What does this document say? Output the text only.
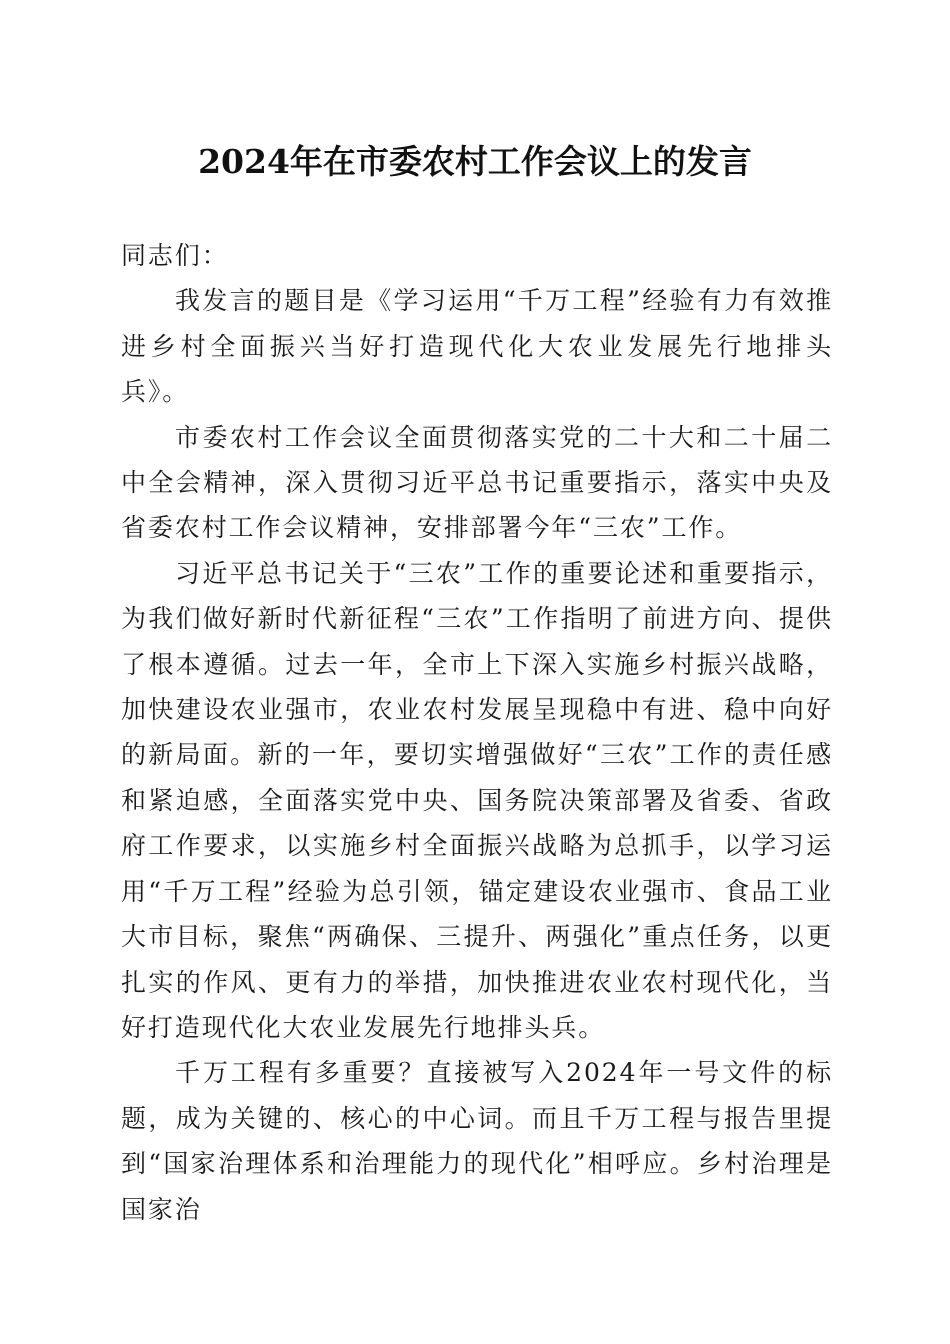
2024年在市委农村工作会议上的发言

同志们：

我发言的题目是《学习运用“千万工程”经验有力有效推进乡村全面振兴当好打造现代化大农业发展先行地排头兵》。

市委农村工作会议全面贯彻落实党的二十大和二十届二中全会精神，深入贯彻习近平总书记重要指示，落实中央及省委农村工作会议精神，安排部署今年“三农”工作。

习近平总书记关于“三农”工作的重要论述和重要指示，为我们做好新时代新征程“三农”工作指明了前进方向、提供了根本遵循。过去一年，全市上下深入实施乡村振兴战略，加快建设农业强市，农业农村发展呈现稳中有进、稳中向好的新局面。新的一年，要切实增强做好“三农”工作的责任感和紧迫感，全面落实党中央、国务院决策部署及省委、省政府工作要求，以实施乡村全面振兴战略为总抓手，以学习运用“千万工程”经验为总引领，锚定建设农业强市、食品工业大市目标，聚焦“两确保、三提升、两强化”重点任务，以更扎实的作风、更有力的举措，加快推进农业农村现代化，当好打造现代化大农业发展先行地排头兵。

千万工程有多重要？直接被写入2024年一号文件的标题，成为关键的、核心的中心词。而且千万工程与报告里提到“国家治理体系和治理能力的现代化”相呼应。乡村治理是国家治
